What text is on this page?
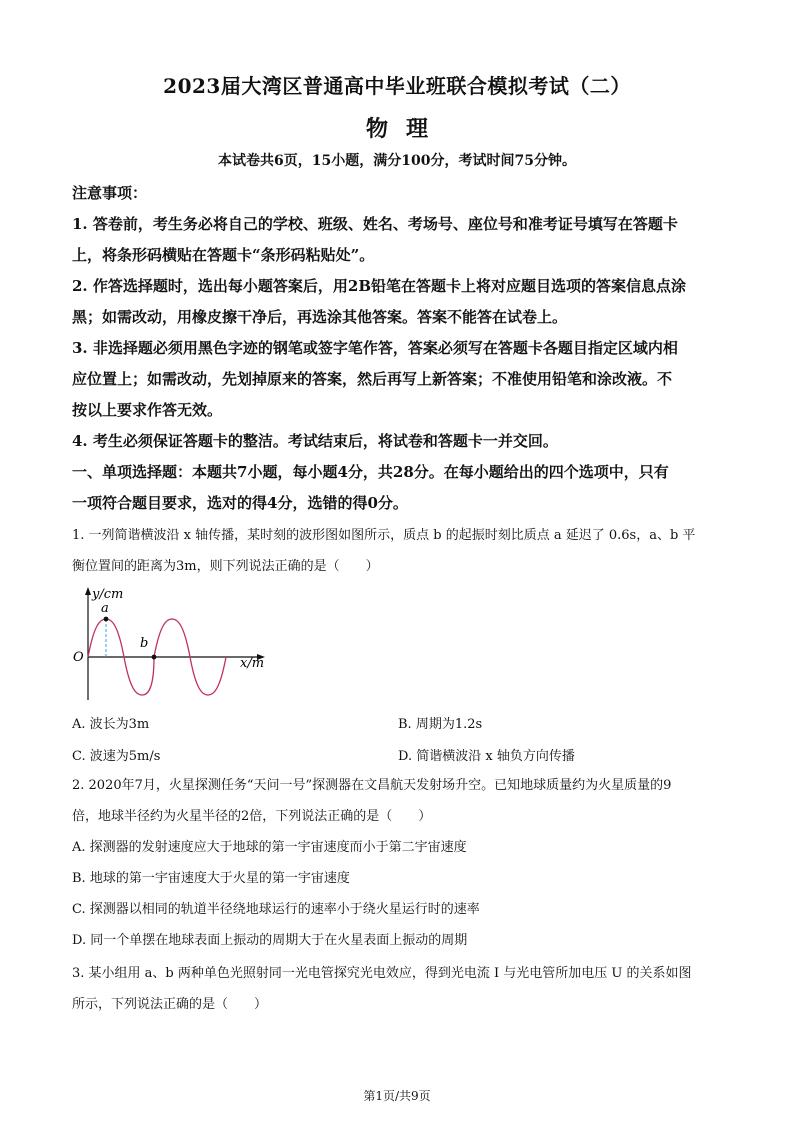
2023届大湾区普通高中毕业班联合模拟考试（二）
物理
本试卷共6页，15小题，满分100分，考试时间75分钟。
注意事项：
1. 答卷前，考生务必将自己的学校、班级、姓名、考场号、座位号和准考证号填写在答题卡
上，将条形码横贴在答题卡“条形码粘贴处”。
2. 作答选择题时，选出每小题答案后，用2B铅笔在答题卡上将对应题目选项的答案信息点涂
黑；如需改动，用橡皮擦干净后，再选涂其他答案。答案不能答在试卷上。
3. 非选择题必须用黑色字迹的钢笔或签字笔作答，答案必须写在答题卡各题目指定区域内相
应位置上；如需改动，先划掉原来的答案，然后再写上新答案；不准使用铅笔和涂改液。不
按以上要求作答无效。
4. 考生必须保证答题卡的整洁。考试结束后，将试卷和答题卡一并交回。
一、单项选择题：本题共7小题，每小题4分，共28分。在每小题给出的四个选项中，只有
一项符合题目要求，选对的得4分，选错的得0分。
1. 一列简谐横波沿 x 轴传播，某时刻的波形图如图所示，质点 b 的起振时刻比质点 a 延迟了 0.6s，a、b 平
衡位置间的距离为3m，则下列说法正确的是（　　）
y/cm
a
b
O	x/m
A. 波长为3m	B. 周期为1.2s
C. 波速为5m/s	D. 简谐横波沿 x 轴负方向传播
2. 2020年7月，火星探测任务“天问一号”探测器在文昌航天发射场升空。已知地球质量约为火星质量的9
倍，地球半径约为火星半径的2倍，下列说法正确的是（　　）
A. 探测器的发射速度应大于地球的第一宇宙速度而小于第二宇宙速度
B. 地球的第一宇宙速度大于火星的第一宇宙速度
C. 探测器以相同的轨道半径绕地球运行的速率小于绕火星运行时的速率
D. 同一个单摆在地球表面上振动的周期大于在火星表面上振动的周期
3. 某小组用 a、b 两种单色光照射同一光电管探究光电效应，得到光电流 I 与光电管所加电压 U 的关系如图
所示，下列说法正确的是（　　）
第1页/共9页
